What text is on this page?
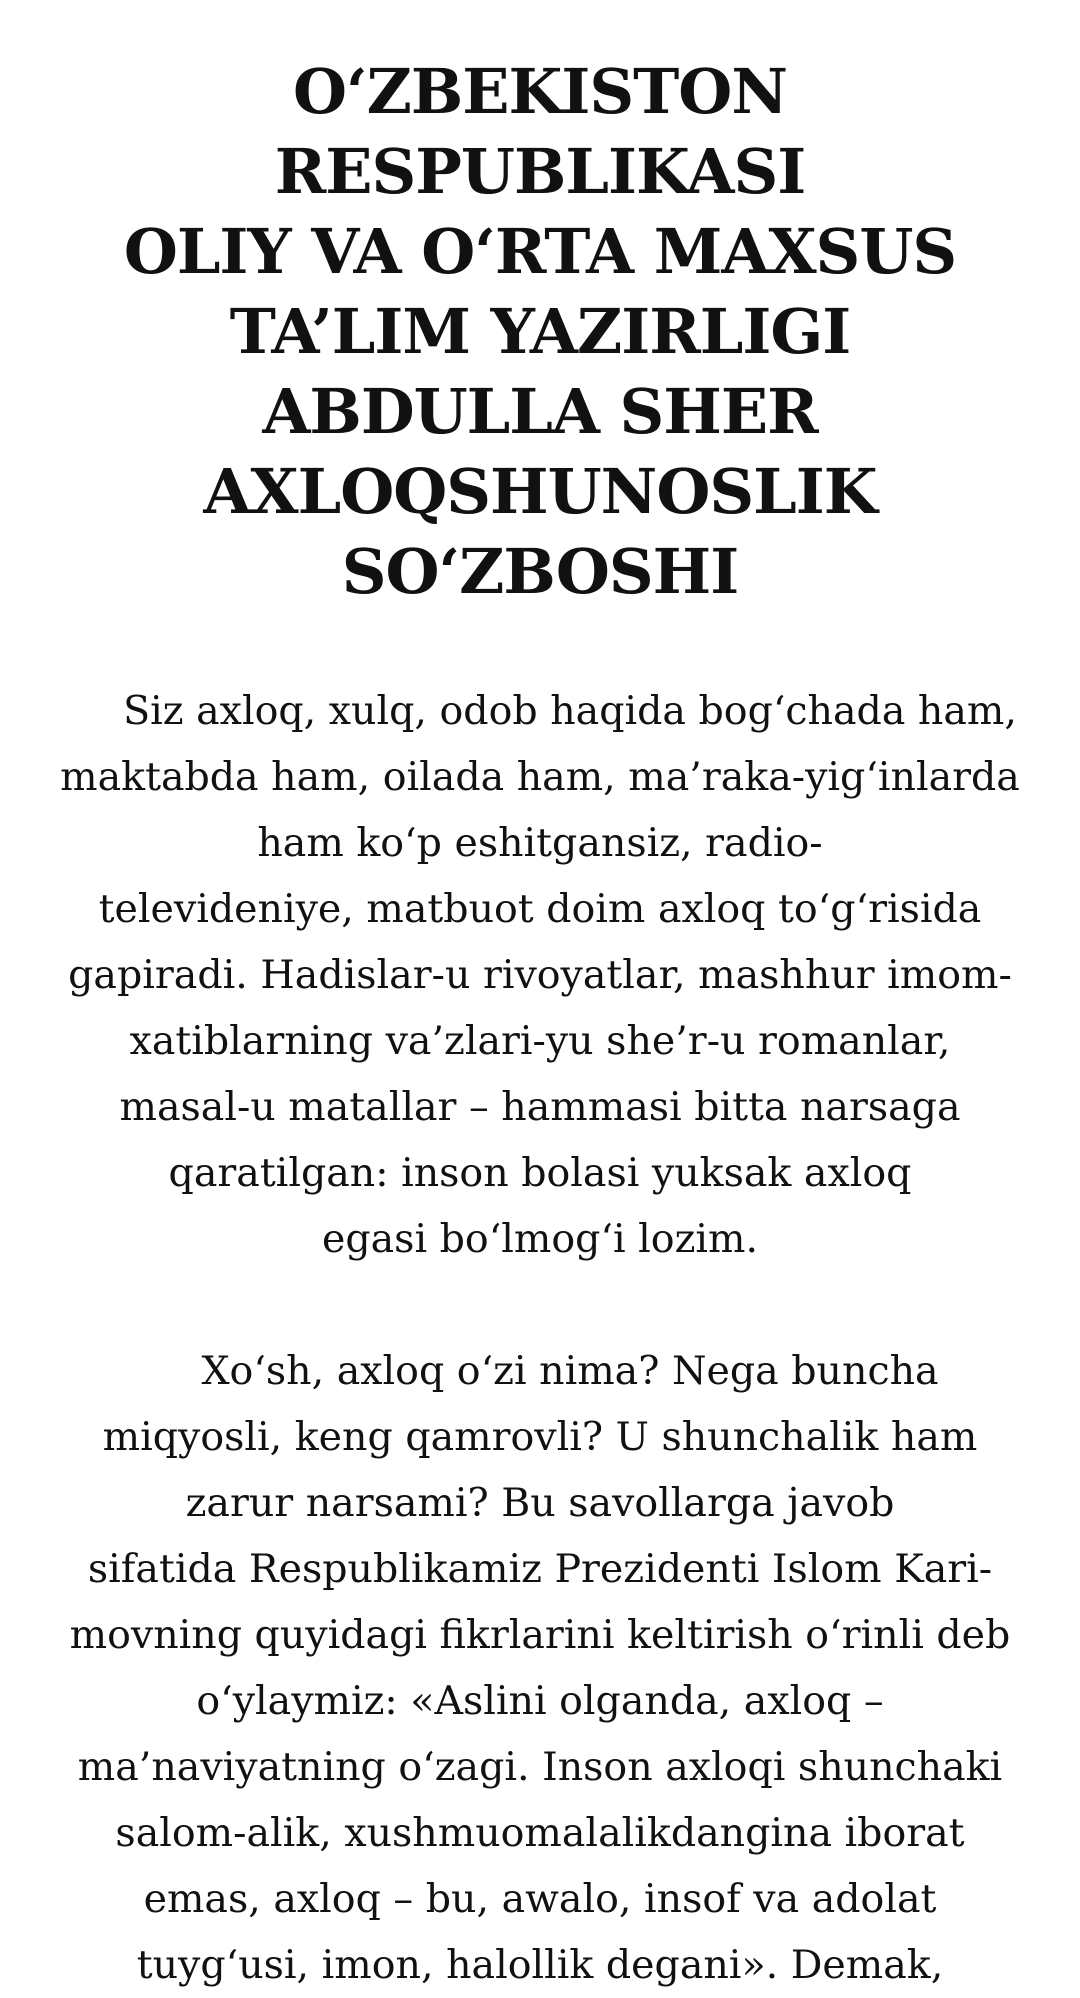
O‘ZBEKISTON RESPUBLIKASI
OLIY VA O‘RTA MAXSUS
TA’LIM YAZIRLIGI
ABDULLA SHER
AXLOQSHUNOSLIK
SO‘ZBOSHI

Siz axloq, xulq, odob haqida bog‘chada ham,
maktabda ham, oilada ham, ma’raka-yig‘inlarda
ham ko‘p eshitgansiz, radio-
televideniye, matbuot doim axloq to‘g‘risida
gapiradi. Hadislar-u rivoyatlar, mashhur imom-
xatiblarning va’zlari-yu she’r-u romanlar,
masal-u matallar – hammasi bitta narsaga
qaratilgan: inson bolasi yuksak axloq
egasi bo‘lmog‘i lozim.

Xo‘sh, axloq o‘zi nima? Nega buncha
miqyosli, keng qamrovli? U shunchalik ham
zarur narsami? Bu savollarga javob
sifatida Respublikamiz Prezidenti Islom Kari-
movning quyidagi fikrlarini keltirish o‘rinli deb
o‘ylaymiz: «Aslini olganda, axloq –
ma’naviyatning o‘zagi. Inson axloqi shunchaki
salom-alik, xushmuomalalikdangina iborat
emas, axloq – bu, awalo, insof va adolat
tuyg‘usi, imon, halollik degani». Demak,
